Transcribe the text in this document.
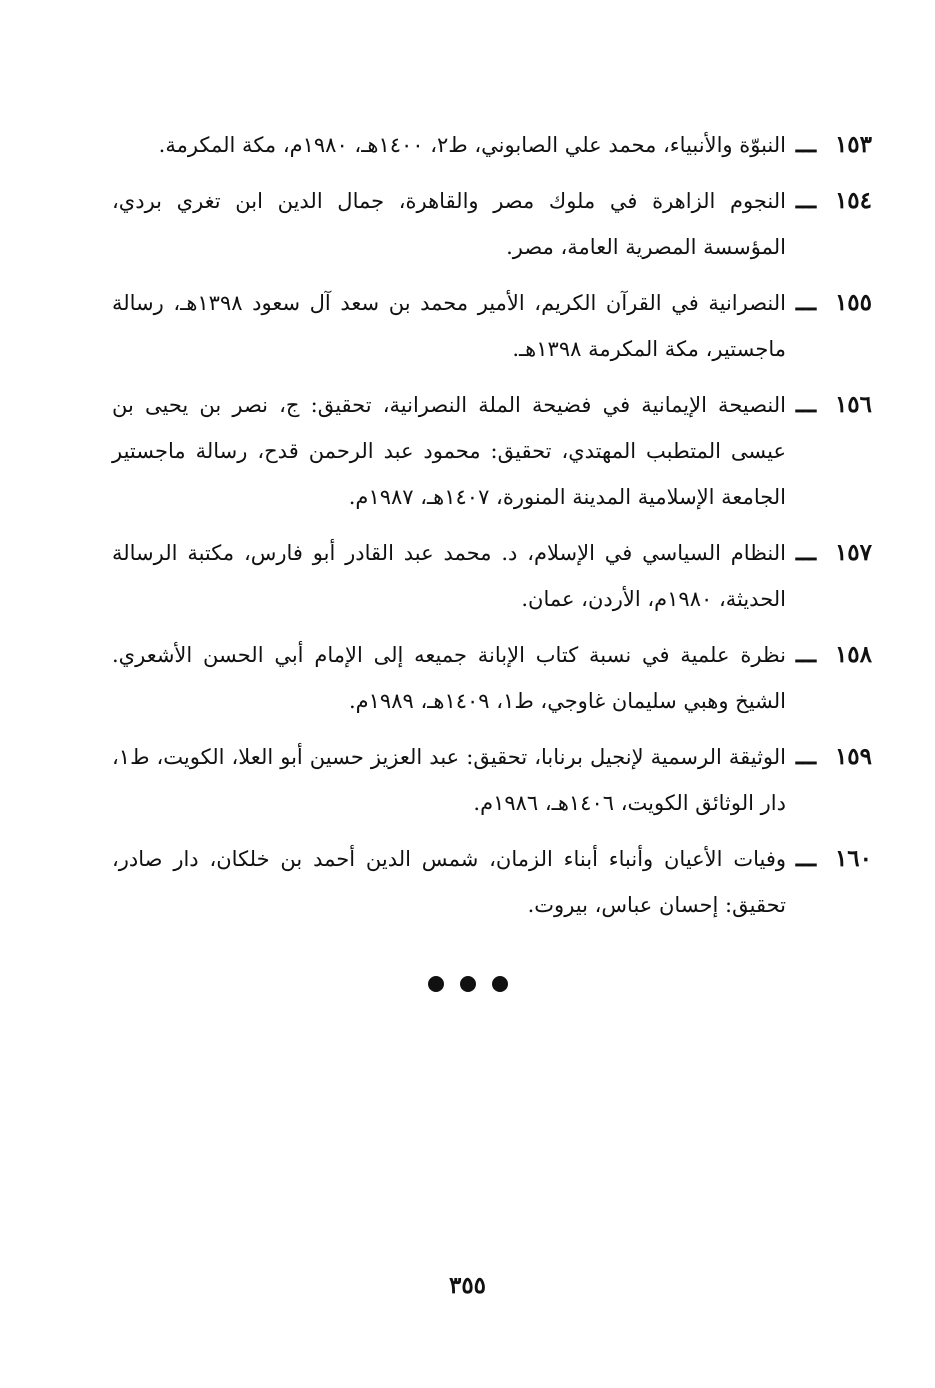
١٥٣
ـــ
النبوّة والأنبياء، محمد علي الصابوني، ط٢، ١٤٠٠هـ، ١٩٨٠م، مكة المكرمة.
١٥٤
ـــ
النجوم الزاهرة في ملوك مصر والقاهرة، جمال الدين ابن تغري بردي، المؤسسة المصرية العامة، مصر.
١٥٥
ـــ
النصرانية في القرآن الكريم، الأمير محمد بن سعد آل سعود ١٣٩٨هـ، رسالة ماجستير، مكة المكرمة ١٣٩٨هـ.
١٥٦
ـــ
النصيحة الإيمانية في فضيحة الملة النصرانية، تحقيق: ج، نصر بن يحيى بن عيسى المتطبب المهتدي، تحقيق: محمود عبد الرحمن قدح، رسالة ماجستير الجامعة الإسلامية المدينة المنورة، ١٤٠٧هـ، ١٩٨٧م.
١٥٧
ـــ
النظام السياسي في الإسلام، د. محمد عبد القادر أبو فارس، مكتبة الرسالة الحديثة، ١٩٨٠م، الأردن، عمان.
١٥٨
ـــ
نظرة علمية في نسبة كتاب الإبانة جميعه إلى الإمام أبي الحسن الأشعري. الشيخ وهبي سليمان غاوجي، ط١، ١٤٠٩هـ، ١٩٨٩م.
١٥٩
ـــ
الوثيقة الرسمية لإنجيل برنابا، تحقيق: عبد العزيز حسين أبو العلا، الكويت، ط١، دار الوثائق الكويت، ١٤٠٦هـ، ١٩٨٦م.
١٦٠
ـــ
وفيات الأعيان وأنباء أبناء الزمان، شمس الدين أحمد بن خلكان، دار صادر، تحقيق: إحسان عباس، بيروت.
٣٥٥
